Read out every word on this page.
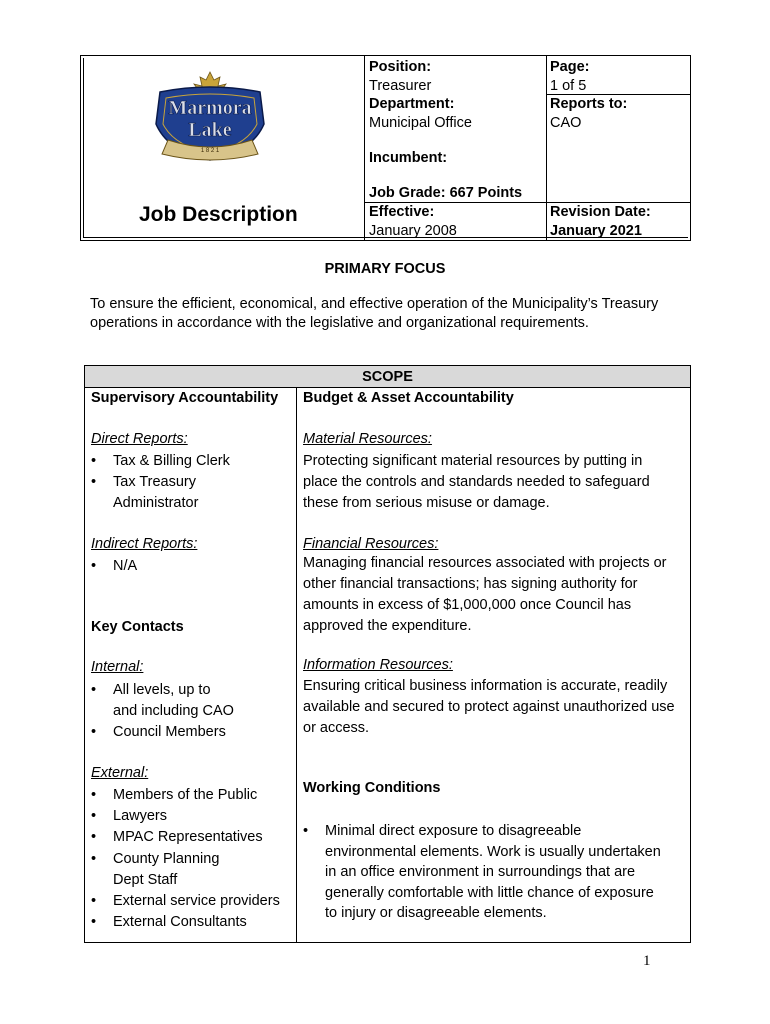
Marmora
Lake
1 8 2 1
Job Description
Position:
Treasurer
Department:
Municipal Office
Incumbent:
Job Grade: 667 Points
Effective:
January 2008
Page:
1 of 5
Reports to:
CAO
Revision Date:
January 2021
PRIMARY FOCUS
To ensure the efficient, economical, and effective operation of the Municipality’s Treasury
operations in accordance with the legislative and organizational requirements.
SCOPE
Supervisory Accountability Budget & Asset Accountability
Direct Reports:
• Tax & Billing Clerk
• Tax Treasury
Administrator
Indirect Reports:
• N/A
Key Contacts
Internal:
• All levels, up to
and including CAO
• Council Members
External:
• Members of the Public
• Lawyers
• MPAC Representatives
• County Planning
Dept Staff
• External service providers
• External Consultants
Material Resources:
Protecting significant material resources by putting in
place the controls and standards needed to safeguard
these from serious misuse or damage.
Financial Resources:
Managing financial resources associated with projects or
other financial transactions; has signing authority for
amounts in excess of $1,000,000 once Council has
approved the expenditure.
Information Resources:
Ensuring critical business information is accurate, readily
available and secured to protect against unauthorized use
or access.
Working Conditions
• Minimal direct exposure to disagreeable
environmental elements. Work is usually undertaken
in an office environment in surroundings that are
generally comfortable with little chance of exposure
to injury or disagreeable elements.
1
